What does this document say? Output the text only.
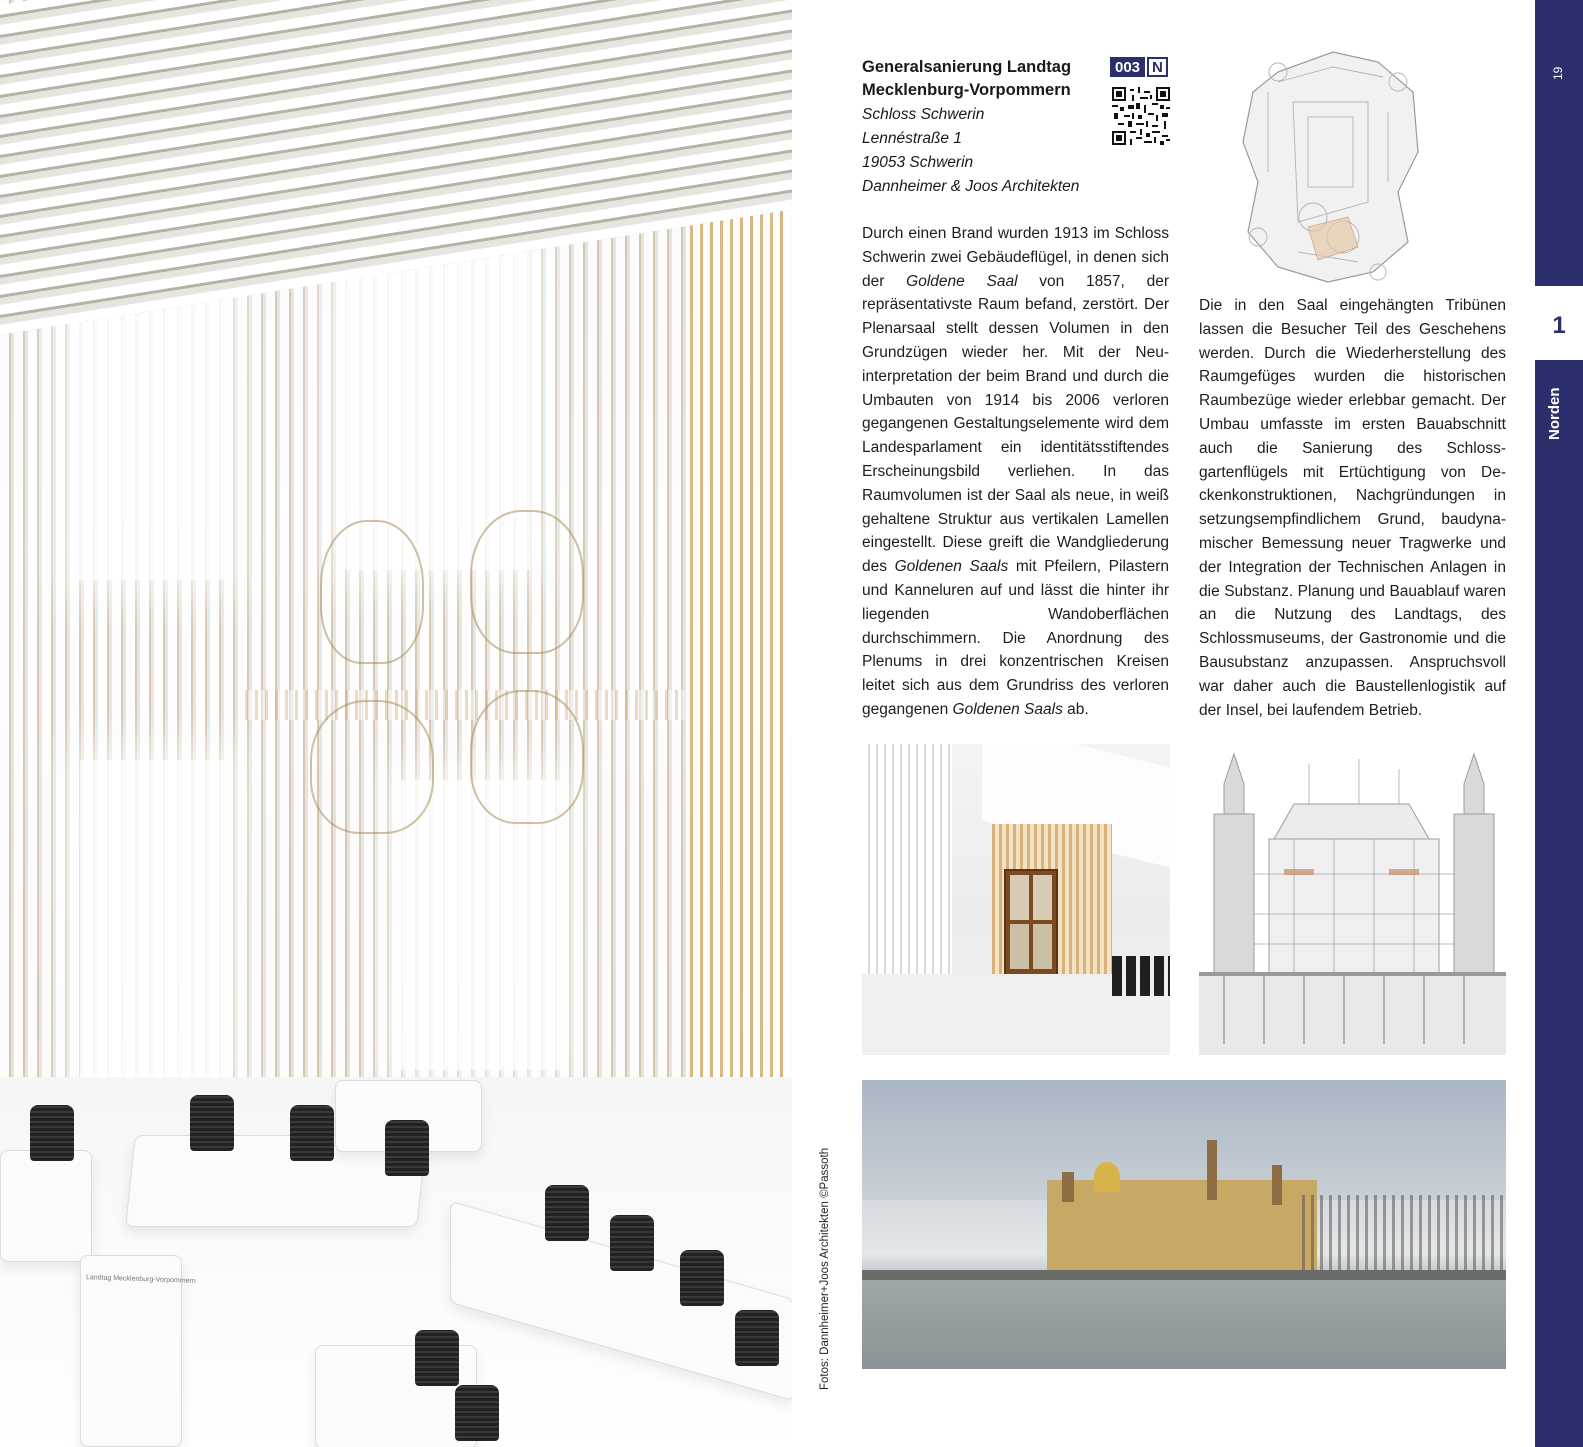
Landtag Mecklenburg-Vorpommern	Fotos: Dannheimer+Joos Architekten ©Passoth
Generalsanierung Landtag
Mecklenburg-Vorpommern
Schloss Schwerin
Lennéstraße 1
19053 Schwerin
Dannheimer & Joos Architekten
003 N

Durch einen Brand wurden 1913 im Schloss Schwerin zwei Gebäudeflügel, in denen sich der Goldene Saal von 1857, der repräsentativste Raum befand, zerstört. Der Plenarsaal stellt dessen Volumen in den Grundzügen wieder her. Mit der Neuinterpretation der beim Brand und durch die Umbauten von 1914 bis 2006 verloren gegangenen Gestaltungselemente wird dem Landesparlament ein identitätsstiftendes Erscheinungsbild verliehen. In das Raumvolumen ist der Saal als neue, in weiß gehaltene Struktur aus vertikalen Lamellen eingestellt. Diese greift die Wandgliederung des Goldenen Saals mit Pfeilern, Pilastern und Kanneluren auf und lässt die hinter ihr liegenden Wandoberflächen durchschimmern. Die Anordnung des Plenums in drei konzentrischen Kreisen leitet sich aus dem Grundriss des verloren gegangenen Goldenen Saals ab.

Die in den Saal eingehängten Tribünen lassen die Besucher Teil des Geschehens werden. Durch die Wiederherstellung des Raumgefüges wurden die historischen Raumbezüge wieder erlebbar gemacht. Der Umbau umfasste im ersten Bauabschnitt auch die Sanierung des Schlossgartenflügels mit Ertüchtigung von Deckenkonstruktionen, Nachgründungen in setzungsempfindlichem Grund, baudynamischer Bemessung neuer Tragwerke und der Integration der Technischen Anlagen in die Substanz. Planung und Bauablauf waren an die Nutzung des Landtags, des Schlossmuseums, der Gastronomie und die Bausubstanz anzupassen. Anspruchsvoll war daher auch die Baustellenlogistik auf der Insel, bei laufendem Betrieb.

19
1
Norden
